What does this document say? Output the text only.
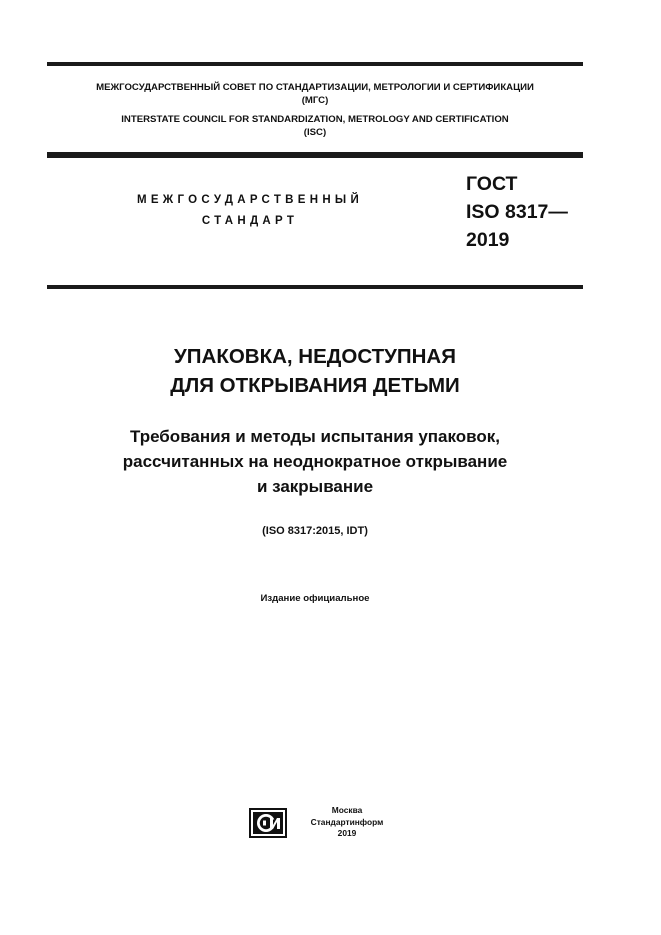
МЕЖГОСУДАРСТВЕННЫЙ СОВЕТ ПО СТАНДАРТИЗАЦИИ, МЕТРОЛОГИИ И СЕРТИФИКАЦИИ
(МГС)
INTERSTATE COUNCIL FOR STANDARDIZATION, METROLOGY AND CERTIFICATION
(ISC)
МЕЖГОСУДАРСТВЕННЫЙ
СТАНДАРТ
ГОСТ
ISO 8317—
2019
УПАКОВКА, НЕДОСТУПНАЯ
ДЛЯ ОТКРЫВАНИЯ ДЕТЬМИ
Требования и методы испытания упаковок,
рассчитанных на неоднократное открывание
и закрывание
(ISO 8317:2015, IDT)
Издание официальное
Москва
Стандартинформ
2019
